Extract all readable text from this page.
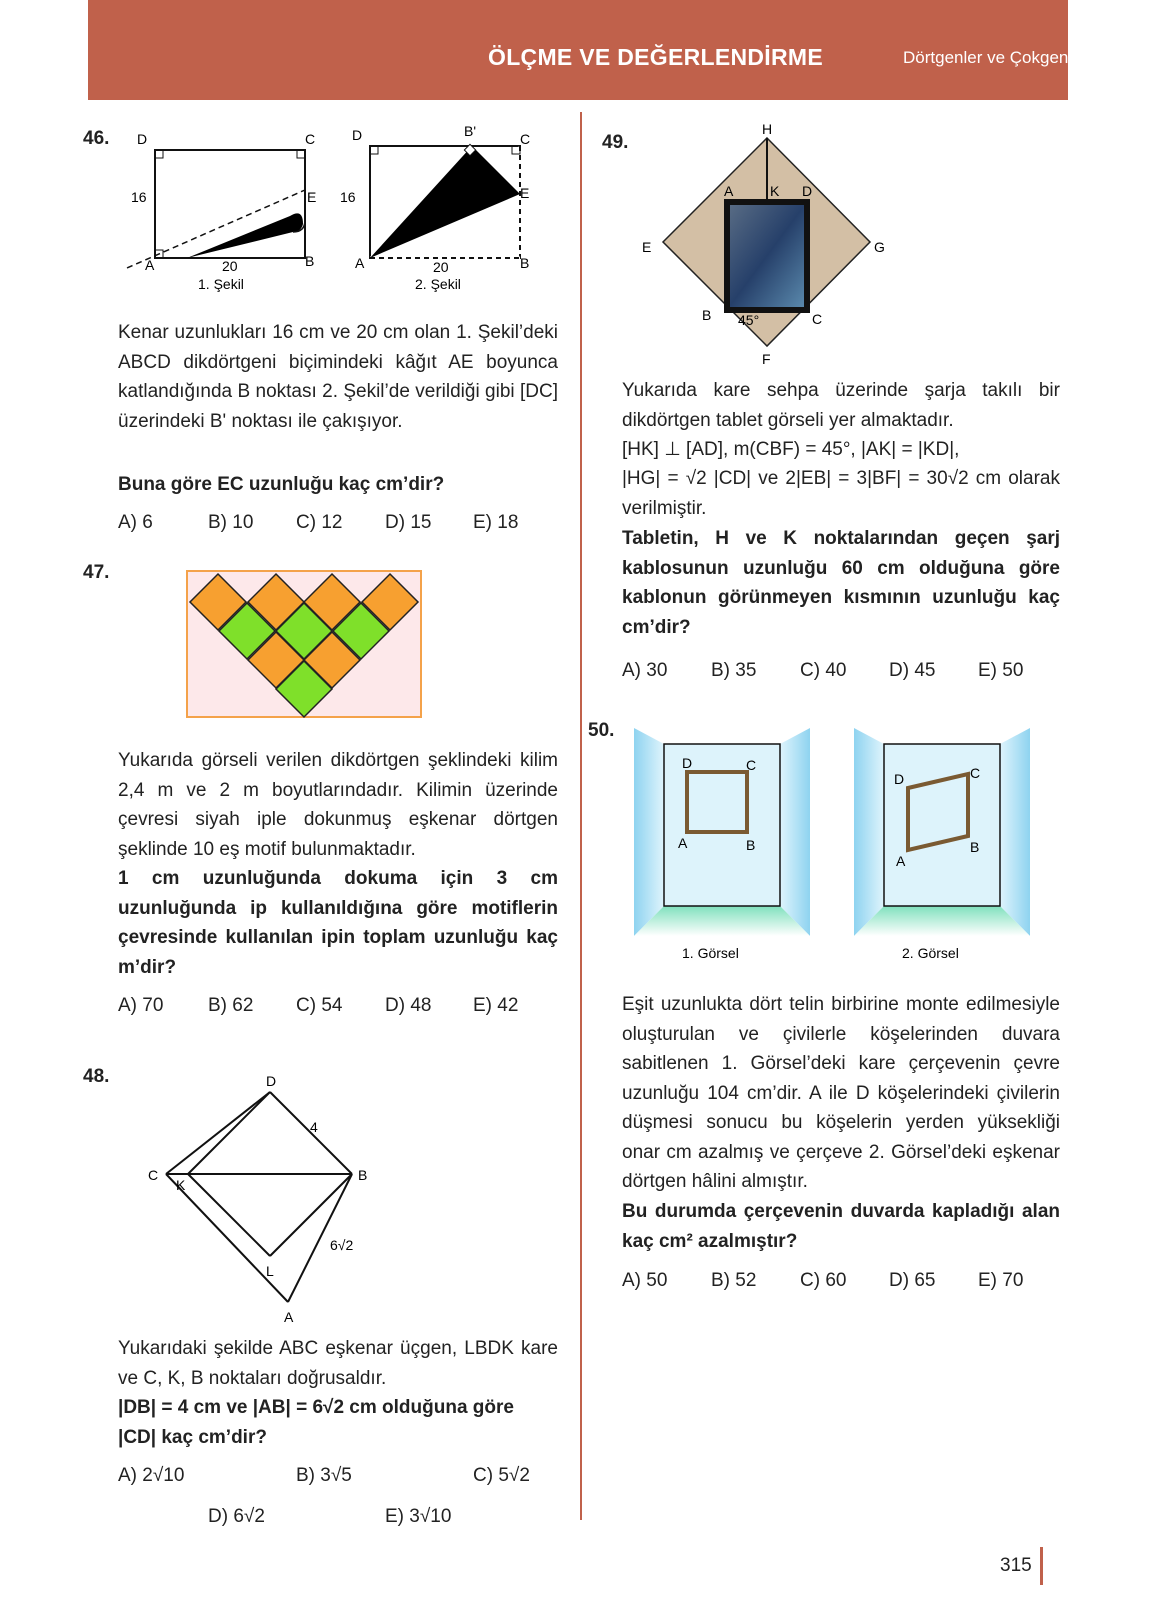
ÖLÇME VE DEĞERLENDİRME	Dörtgenler ve Çokgenler
46. D	C
16	E
A	20	B
1. Şekil
D	B'	C
16	E
A	20	B
2. Şekil
Kenar uzunlukları 16 cm ve 20 cm olan 1. Şekil’deki ABCD dikdörtgeni biçimindeki kâğıt AE boyunca katlandığında B noktası 2. Şekil’de verildiği gibi [DC] üzerindeki B' noktası ile çakışıyor.
Buna göre EC uzunluğu kaç cm’dir?
A) 6	B) 10 C) 12 D) 15 E) 18
47.
Yukarıda görseli verilen dikdörtgen şeklindeki kilim 2,4 m ve 2 m boyutlarındadır. Kilimin üzerinde çevresi siyah iple dokunmuş eşkenar dörtgen şeklinde 10 eş motif bulunmaktadır.
1 cm uzunluğunda dokuma için 3 cm uzunluğunda ip kullanıldığına göre motiflerin çevresinde kullanılan ipin toplam uzunluğu kaç m’dir?
A) 70 B) 62 C) 54 D) 48 E) 42
48.	D
4
C
K
B
6√2
L
A
Yukarıdaki şekilde ABC eşkenar üçgen, LBDK kare ve C, K, B noktaları doğrusaldır.
|DB| = 4 cm ve |AB| = 6√2 cm olduğuna göre
|CD| kaç cm’dir?
A) 2√10	B) 3√5	C) 5√2
D) 6√2	E) 3√10
49.
H
A	K D
E	G
B 45°	C
F
Yukarıda kare sehpa üzerinde şarja takılı bir dikdörtgen tablet görseli yer almaktadır.
[HK] ⊥ [AD], m(CBF) = 45°, |AK| = |KD|,
|HG| = √2 |CD| ve 2|EB| = 3|BF| = 30√2 cm olarak verilmiştir.
Tabletin, H ve K noktalarından geçen şarj kablosunun uzunluğu 60 cm olduğuna göre kablonun görünmeyen kısmının uzunluğu kaç cm’dir?
A) 30 B) 35 C) 40 D) 45 E) 50
50.
D	C
A	B
1. Görsel
D	C
A
B
2. Görsel
Eşit uzunlukta dört telin birbirine monte edilmesiyle oluşturulan ve çivilerle köşelerinden duvara sabitlenen 1. Görsel’deki kare çerçevenin çevre uzunluğu 104 cm’dir. A ile D köşelerindeki çivilerin düşmesi sonucu bu köşelerin yerden yüksekliği onar cm azalmış ve çerçeve 2. Görsel’deki eşkenar dörtgen hâlini almıştır.
Bu durumda çerçevenin duvarda kapladığı alan kaç cm² azalmıştır?
A) 50 B) 52 C) 60 D) 65 E) 70
315
